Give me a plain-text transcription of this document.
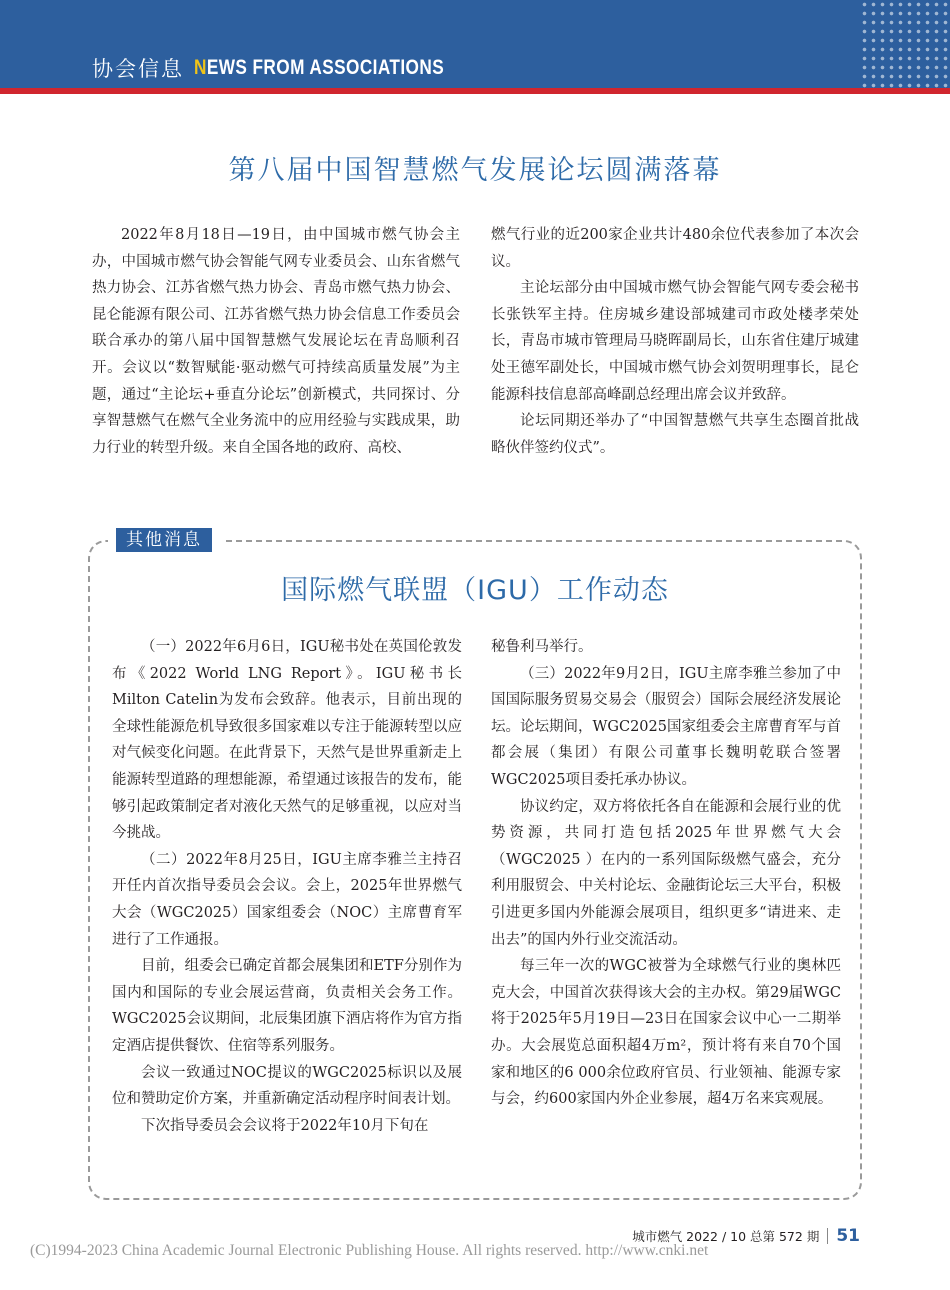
协会信息 NEWS FROM ASSOCIATIONS
第八届中国智慧燃气发展论坛圆满落幕

2022年8月18日—19日，由中国城市燃气协会主办，中国城市燃气协会智能气网专业委员会、山东省燃气热力协会、江苏省燃气热力协会、青岛市燃气热力协会、昆仑能源有限公司、江苏省燃气热力协会信息工作委员会联合承办的第八届中国智慧燃气发展论坛在青岛顺利召开。会议以“数智赋能·驱动燃气可持续高质量发展”为主题，通过“主论坛+垂直分论坛”创新模式，共同探讨、分享智慧燃气在燃气全业务流中的应用经验与实践成果，助力行业的转型升级。来自全国各地的政府、高校、

燃气行业的近200家企业共计480余位代表参加了本次会议。

主论坛部分由中国城市燃气协会智能气网专委会秘书长张铁军主持。住房城乡建设部城建司市政处楼孝荣处长，青岛市城市管理局马晓晖副局长，山东省住建厅城建处王德军副处长，中国城市燃气协会刘贺明理事长，昆仑能源科技信息部高峰副总经理出席会议并致辞。

论坛同期还举办了“中国智慧燃气共享生态圈首批战略伙伴签约仪式”。

其他消息
国际燃气联盟（IGU）工作动态

（一）2022年6月6日，IGU秘书处在英国伦敦发布《2022 World LNG Report》。IGU秘书长Milton Catelin为发布会致辞。他表示，目前出现的全球性能源危机导致很多国家难以专注于能源转型以应对气候变化问题。在此背景下，天然气是世界重新走上能源转型道路的理想能源，希望通过该报告的发布，能够引起政策制定者对液化天然气的足够重视，以应对当今挑战。

（二）2022年8月25日，IGU主席李雅兰主持召开任内首次指导委员会会议。会上，2025年世界燃气大会（WGC2025）国家组委会（NOC）主席曹育军进行了工作通报。

目前，组委会已确定首都会展集团和ETF分别作为国内和国际的专业会展运营商，负责相关会务工作。WGC2025会议期间，北辰集团旗下酒店将作为官方指定酒店提供餐饮、住宿等系列服务。

会议一致通过NOC提议的WGC2025标识以及展位和赞助定价方案，并重新确定活动程序时间表计划。

下次指导委员会会议将于2022年10月下旬在

秘鲁利马举行。

（三）2022年9月2日，IGU主席李雅兰参加了中国国际服务贸易交易会（服贸会）国际会展经济发展论坛。论坛期间，WGC2025国家组委会主席曹育军与首都会展（集团）有限公司董事长魏明乾联合签署WGC2025项目委托承办协议。

协议约定，双方将依托各自在能源和会展行业的优势资源，共同打造包括2025年世界燃气大会（WGC2025 ）在内的一系列国际级燃气盛会，充分利用服贸会、中关村论坛、金融街论坛三大平台，积极引进更多国内外能源会展项目，组织更多“请进来、走出去”的国内外行业交流活动。

每三年一次的WGC被誉为全球燃气行业的奥林匹克大会，中国首次获得该大会的主办权。第29届WGC将于2025年5月19日—23日在国家会议中心一二期举办。大会展览总面积超4万m²，预计将有来自70个国家和地区的6 000余位政府官员、行业领袖、能源专家与会，约600家国内外企业参展，超4万名来宾观展。

城市燃气 2022 / 10 总第 572 期 51
(C)1994-2023 China Academic Journal Electronic Publishing House. All rights reserved. http://www.cnki.net
